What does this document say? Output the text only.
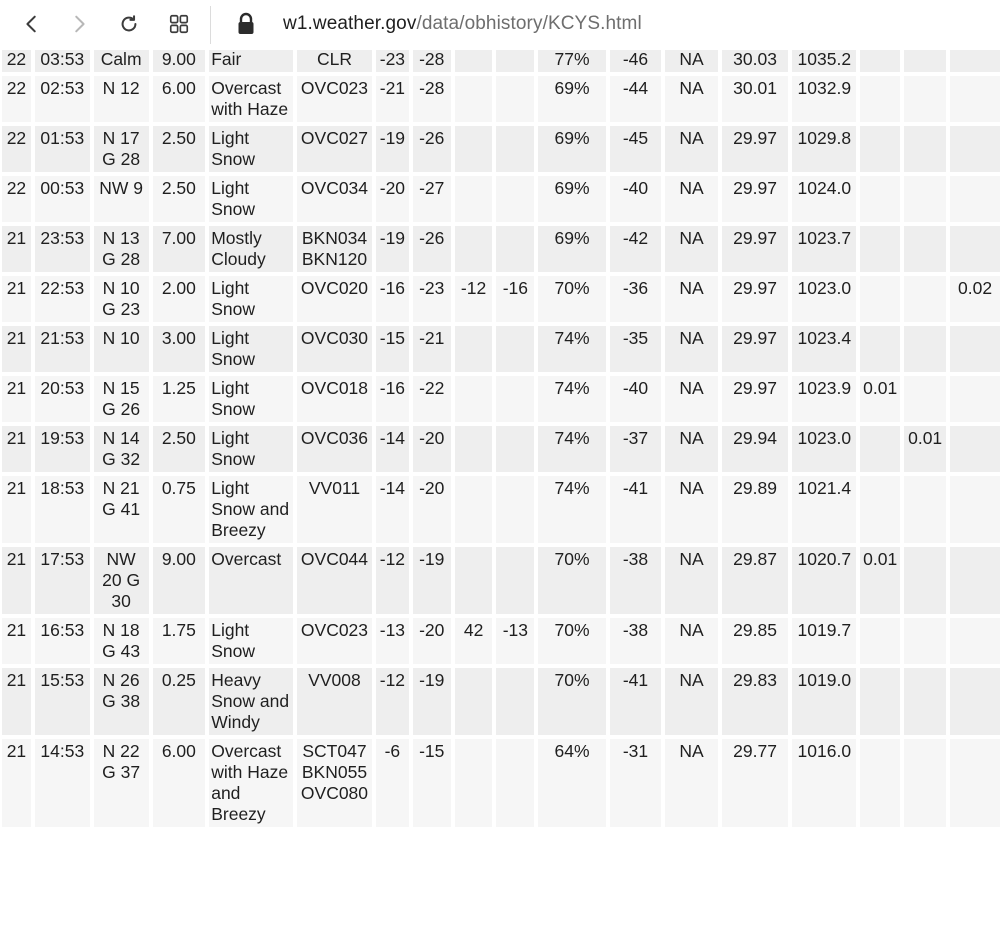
w1.weather.gov/data/obhistory/KCYS.html
22	03:53	Calm	9.00	Fair	CLR	-23	-28			77%	-46	NA	30.03	1035.2			
22	02:53	N 12	6.00	Overcast with Haze	OVC023	-21	-28			69%	-44	NA	30.01	1032.9			
22	01:53	N 17 G 28	2.50	Light Snow	OVC027	-19	-26			69%	-45	NA	29.97	1029.8			
22	00:53	NW 9	2.50	Light Snow	OVC034	-20	-27			69%	-40	NA	29.97	1024.0			
21	23:53	N 13 G 28	7.00	Mostly Cloudy	BKN034 BKN120	-19	-26			69%	-42	NA	29.97	1023.7			
21	22:53	N 10 G 23	2.00	Light Snow	OVC020	-16	-23	-12	-16	70%	-36	NA	29.97	1023.0			0.02
21	21:53	N 10	3.00	Light Snow	OVC030	-15	-21			74%	-35	NA	29.97	1023.4			
21	20:53	N 15 G 26	1.25	Light Snow	OVC018	-16	-22			74%	-40	NA	29.97	1023.9	0.01		
21	19:53	N 14 G 32	2.50	Light Snow	OVC036	-14	-20			74%	-37	NA	29.94	1023.0		0.01	
21	18:53	N 21 G 41	0.75	Light Snow and Breezy	VV011	-14	-20			74%	-41	NA	29.89	1021.4			
21	17:53	NW 20 G 30	9.00	Overcast	OVC044	-12	-19			70%	-38	NA	29.87	1020.7	0.01		
21	16:53	N 18 G 43	1.75	Light Snow	OVC023	-13	-20	42	-13	70%	-38	NA	29.85	1019.7			
21	15:53	N 26 G 38	0.25	Heavy Snow and Windy	VV008	-12	-19			70%	-41	NA	29.83	1019.0			
21	14:53	N 22 G 37	6.00	Overcast with Haze and Breezy	SCT047 BKN055 OVC080	-6	-15			64%	-31	NA	29.77	1016.0			
